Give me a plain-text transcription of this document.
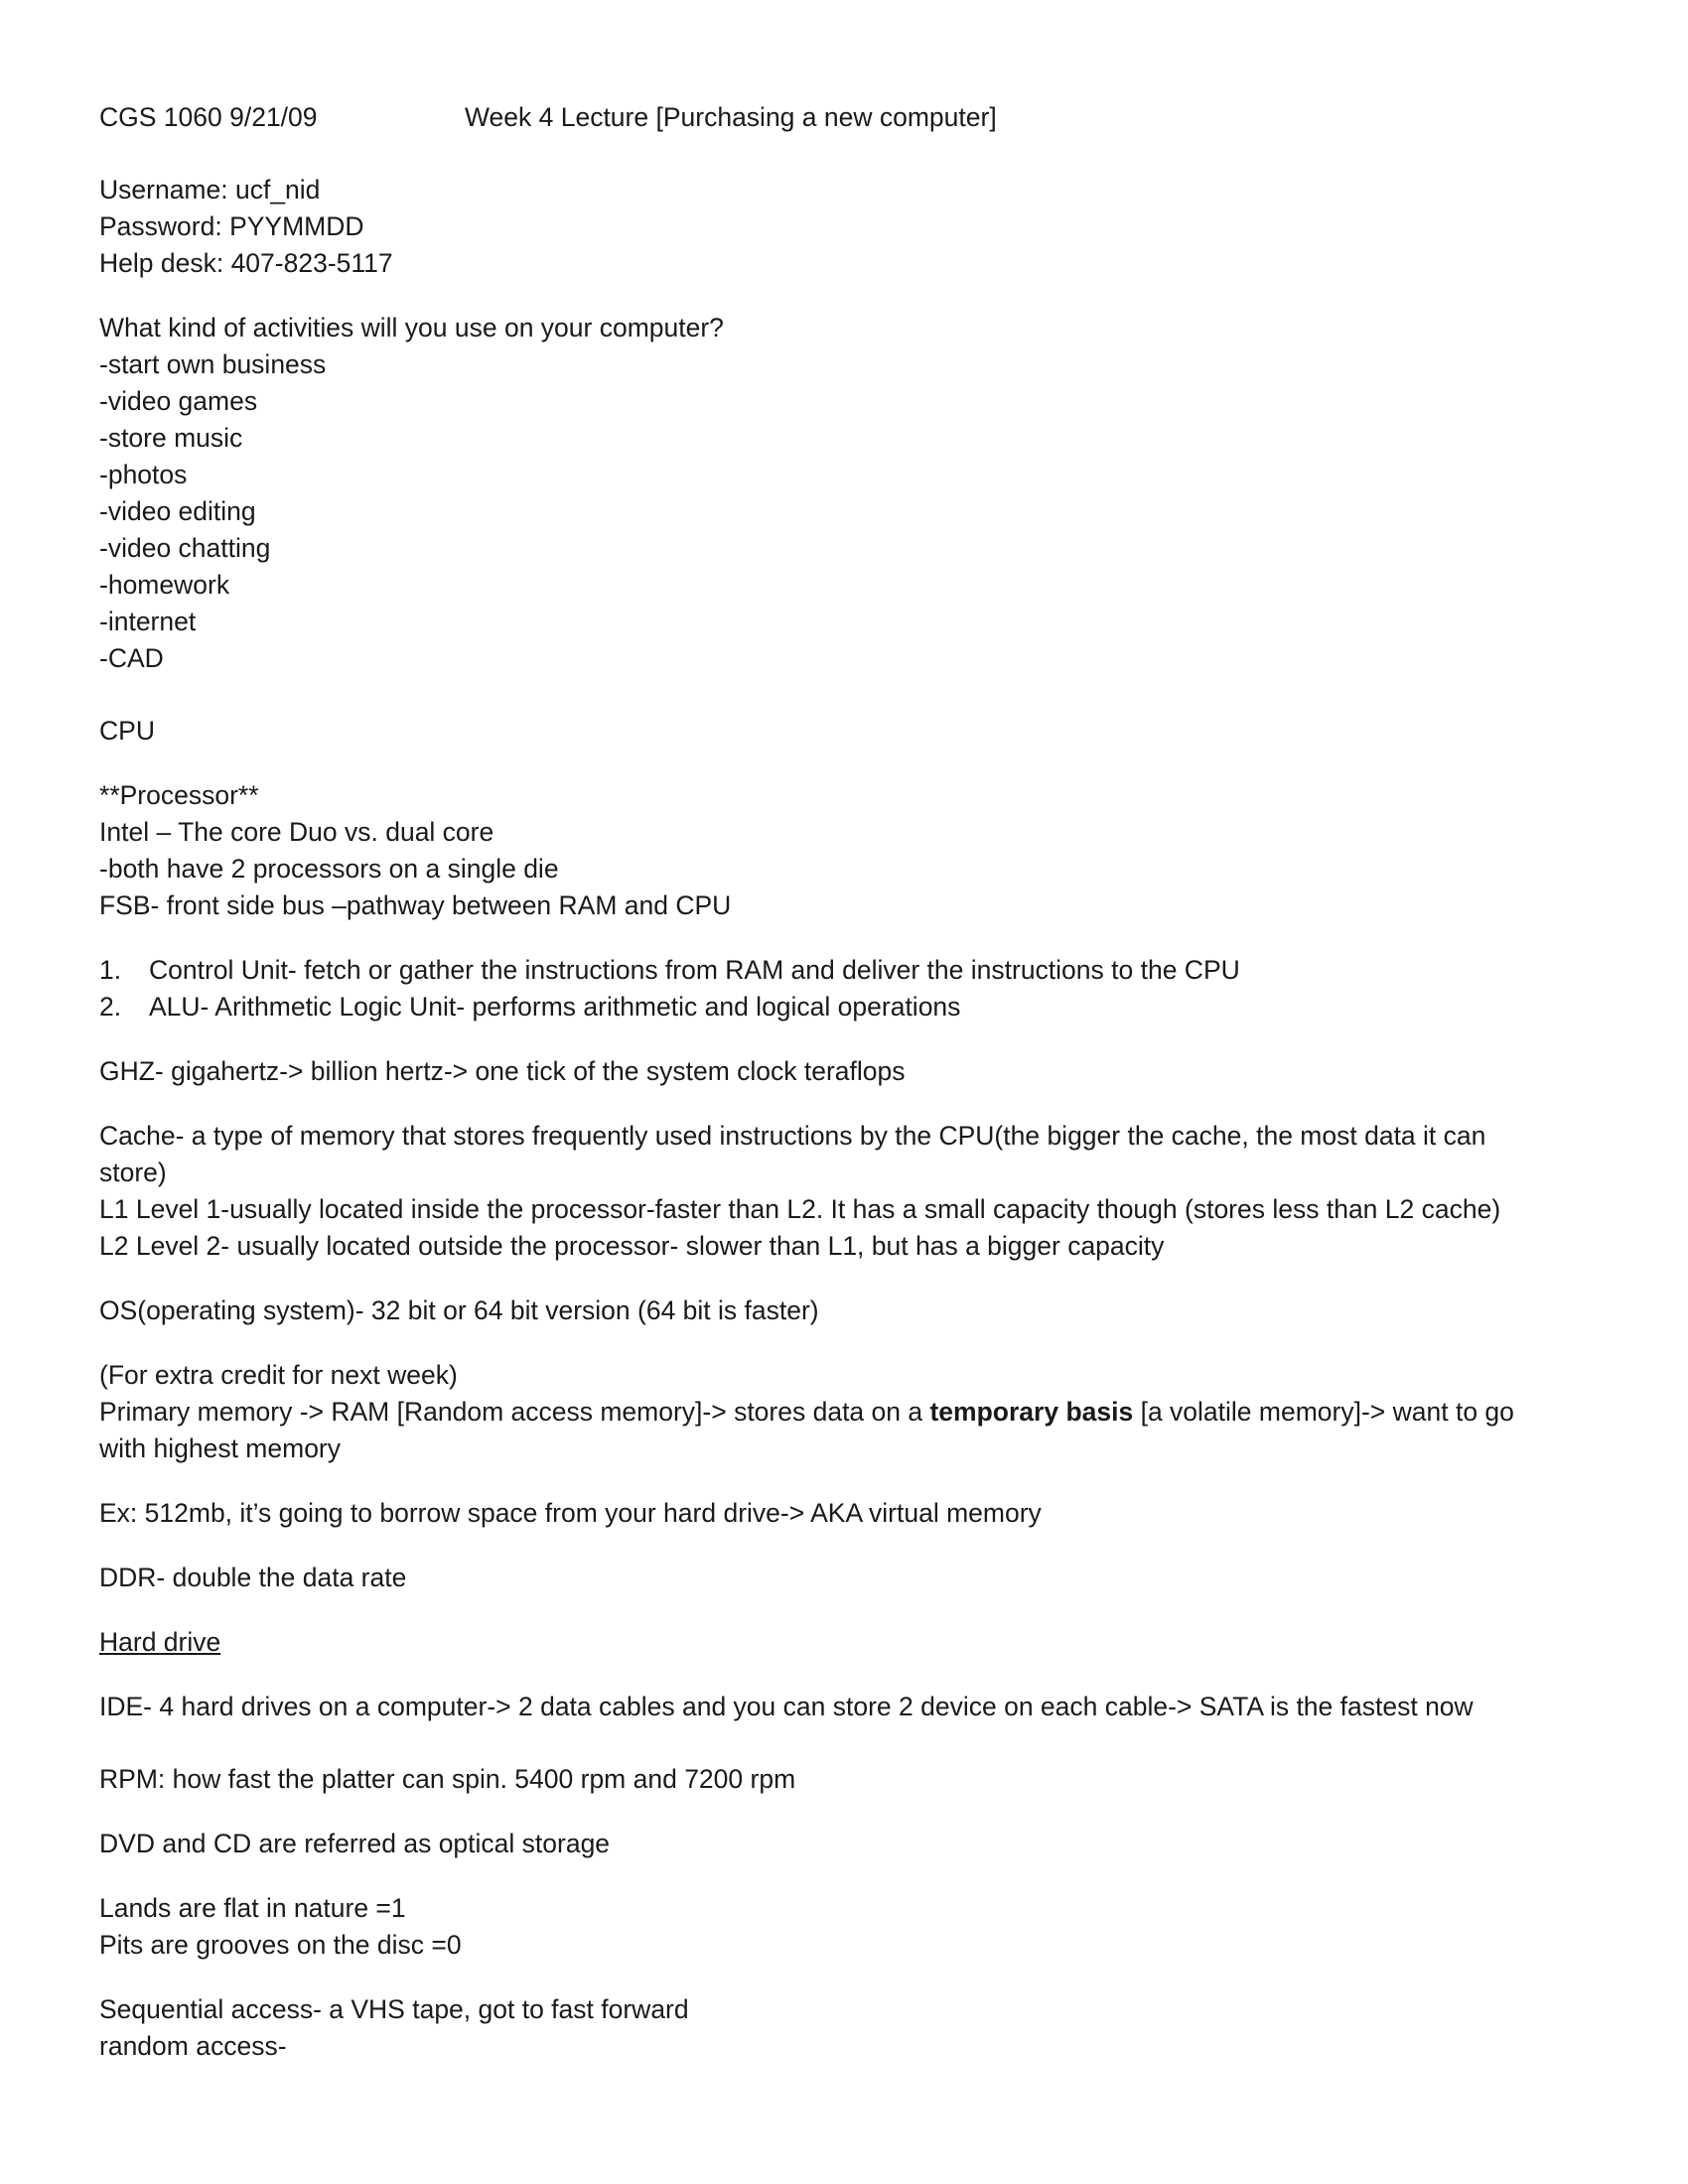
CGS 1060 9/21/09	Week 4 Lecture [Purchasing a new computer]

Username: ucf_nid

Password: PYYMMDD

Help desk: 407-823-5117

What kind of activities will you use on your computer?

-start own business

-video games

-store music

-photos

-video editing

-video chatting

-homework

-internet

-CAD

CPU

**Processor**

Intel – The core Duo vs. dual core

-both have 2 processors on a single die

FSB- front side bus –pathway between RAM and CPU

1.	Control Unit- fetch or gather the instructions from RAM and deliver the instructions to the CPU
2.	ALU- Arithmetic Logic Unit- performs arithmetic and logical operations

GHZ- gigahertz-> billion hertz-> one tick of the system clock teraflops

Cache- a type of memory that stores frequently used instructions by the CPU(the bigger the cache, the most data it can

store)

L1 Level 1-usually located inside the processor-faster than L2. It has a small capacity though (stores less than L2 cache)

L2 Level 2- usually located outside the processor- slower than L1, but has a bigger capacity

OS(operating system)- 32 bit or 64 bit version (64 bit is faster)

(For extra credit for next week)

Primary memory -> RAM [Random access memory]-> stores data on a temporary basis [a volatile memory]-> want to go

with highest memory

Ex: 512mb, it’s going to borrow space from your hard drive-> AKA virtual memory

DDR- double the data rate

Hard drive

IDE- 4 hard drives on a computer-> 2 data cables and you can store 2 device on each cable-> SATA is the fastest now

RPM: how fast the platter can spin. 5400 rpm and 7200 rpm

DVD and CD are referred as optical storage

Lands are flat in nature =1

Pits are grooves on the disc =0

Sequential access- a VHS tape, got to fast forward

random access-
